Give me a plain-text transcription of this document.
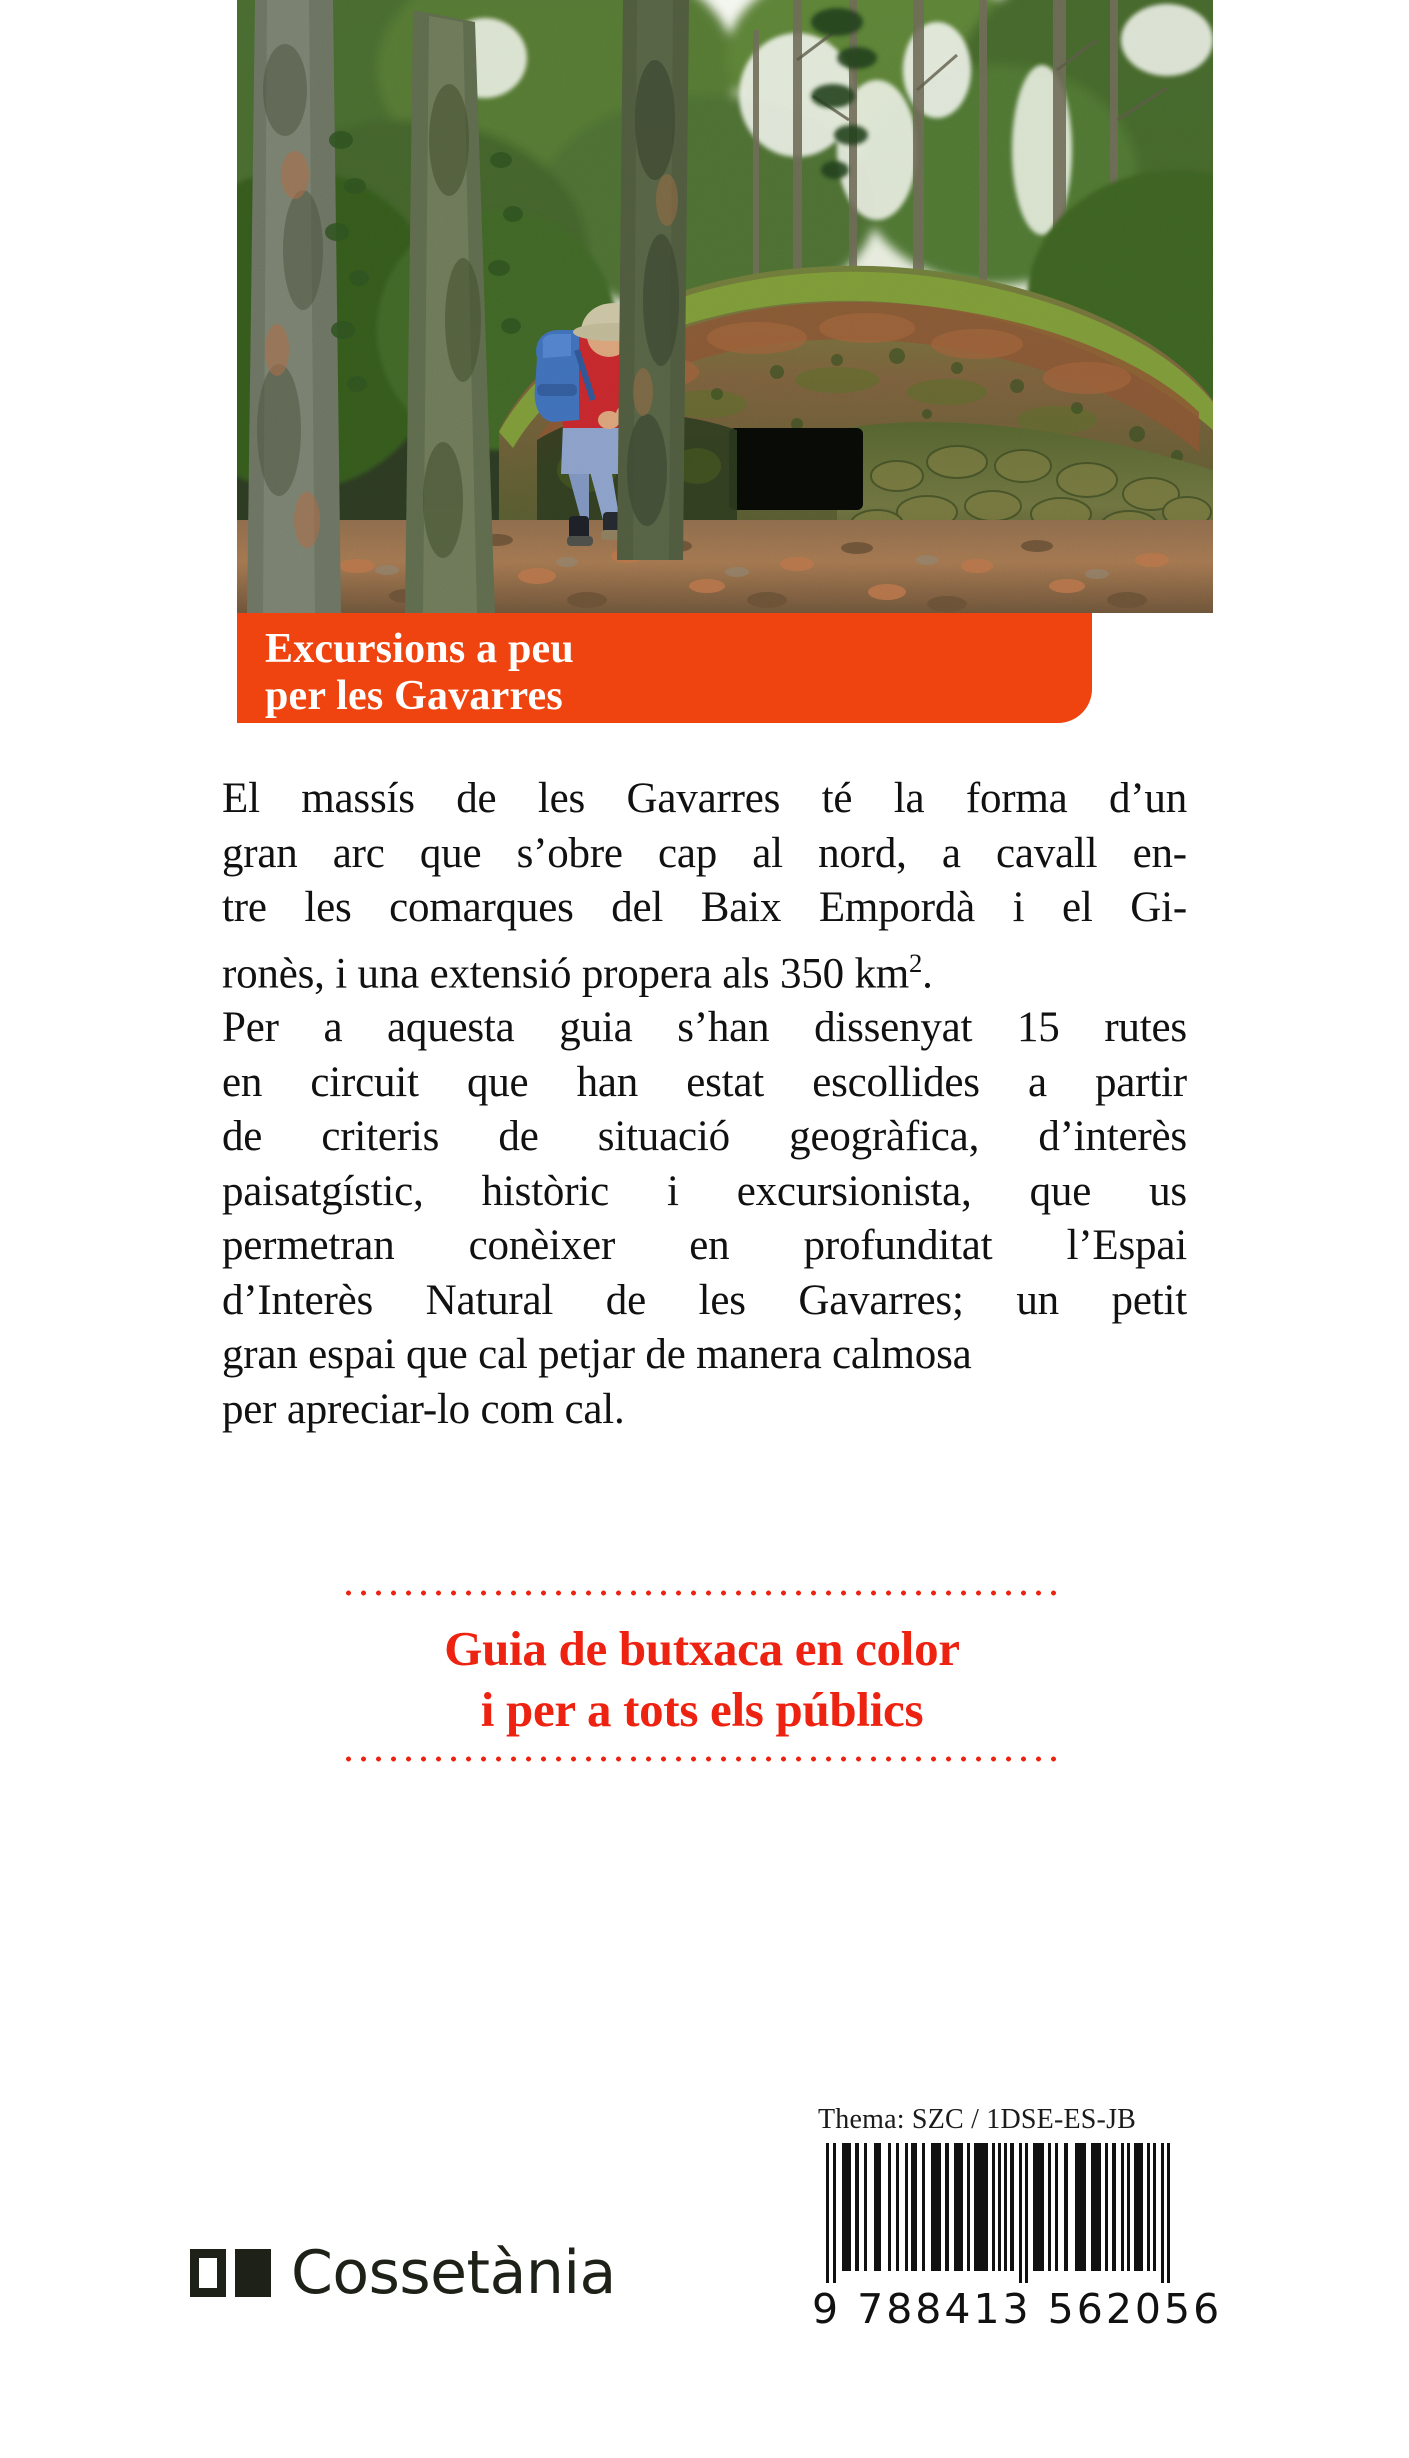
Excursions a peu
per les Gavarres
El massís de les Gavarres té la forma d’un
gran arc que s’obre cap al nord, a cavall en-
tre les comarques del Baix Empordà i el Gi-
ronès, i una extensió propera als 350 $km^2$.
Per a aquesta guia s’han dissenyat 15 rutes
en circuit que han estat escollides a partir
de criteris de situació geogràfica, d’interès
paisatgístic, històric i excursionista, que us
permetran conèixer en profunditat l’Espai
d’Interès Natural de les Gavarres; un petit
gran espai que cal petjar de manera calmosa
per apreciar-lo com cal.
Guia de butxaca en color
i per a tots els públics
Thema: SZC / 1DSE-ES-JB
9 788413 562056
Cossetània
